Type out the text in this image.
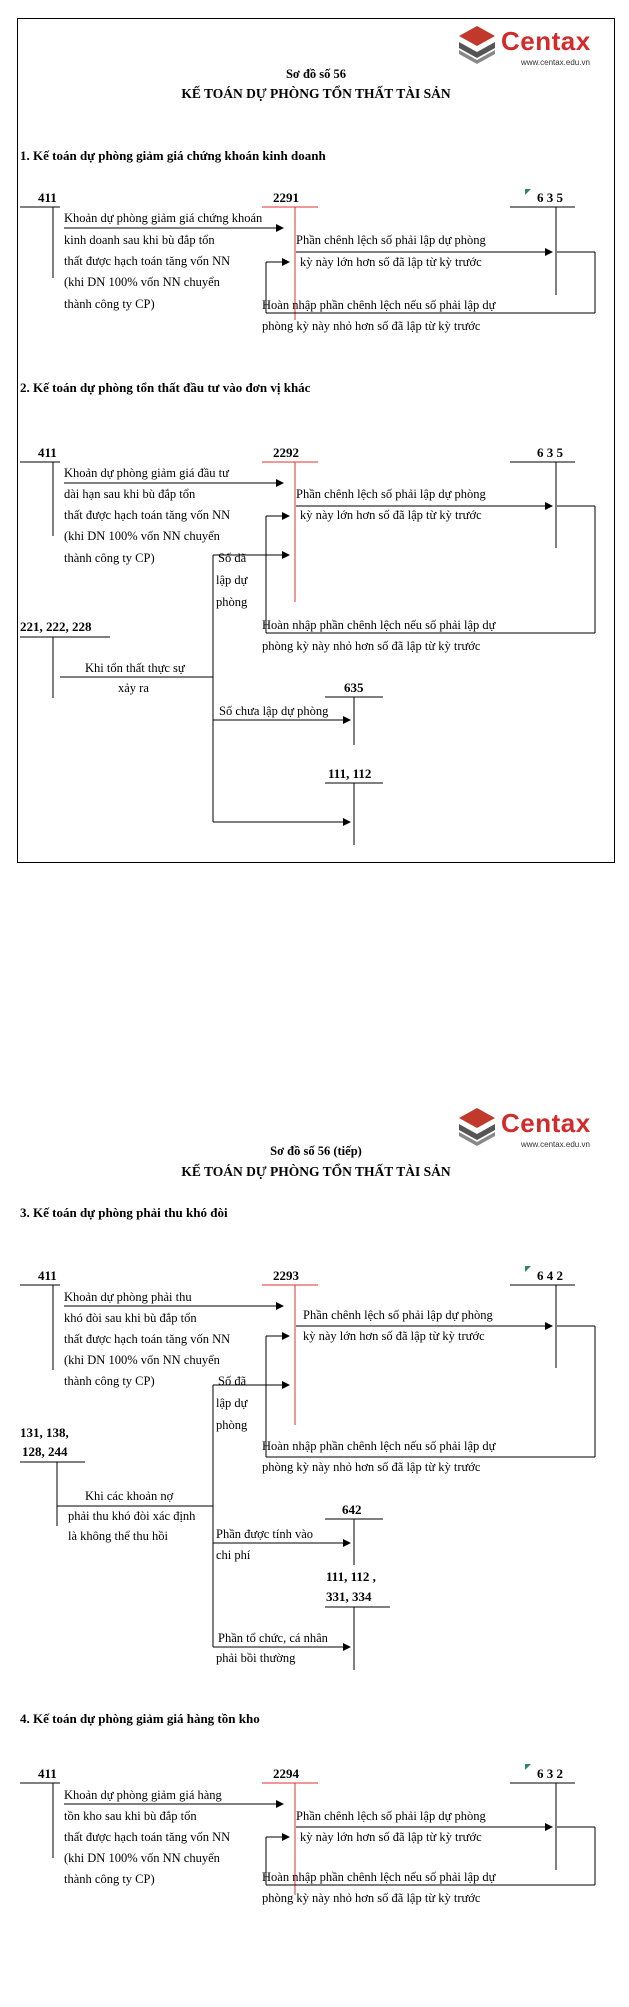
Centax
www.centax.edu.vn
Sơ đồ số 56
KẾ TOÁN DỰ PHÒNG TỔN THẤT TÀI SẢN
1. Kế toán dự phòng giảm giá chứng khoán kinh doanh
411	2291	6 3 5
Khoản dự phòng giảm giá chứng khoán
kinh doanh sau khi bù đắp tổn
thất được hạch toán tăng vốn NN
(khi DN 100% vốn NN chuyển
thành công ty CP)
Phần chênh lệch số phải lập dự phòng
kỳ này lớn hơn số đã lập từ kỳ trước
Hoàn nhập phần chênh lệch nếu số phải lập dự
phòng kỳ này nhỏ hơn số đã lập từ kỳ trước
2. Kế toán dự phòng tổn thất đầu tư vào đơn vị khác
411	2292	6 3 5
Khoản dự phòng giảm giá đầu tư
dài hạn sau khi bù đắp tổn
thất được hạch toán tăng vốn NN
(khi DN 100% vốn NN chuyển
thành công ty CP)
Phần chênh lệch số phải lập dự phòng
kỳ này lớn hơn số đã lập từ kỳ trước
Số đã
lập dự
phòng
Hoàn nhập phần chênh lệch nếu số phải lập dự
phòng kỳ này nhỏ hơn số đã lập từ kỳ trước
221, 222, 228
Khi tổn thất thực sự
xảy ra	635
Số chưa lập dự phòng
111, 112
Centax
www.centax.edu.vn
Sơ đồ số 56 (tiếp)
KẾ TOÁN DỰ PHÒNG TỔN THẤT TÀI SẢN
3. Kế toán dự phòng phải thu khó đòi
411	2293	6 4 2
Khoản dự phòng phải thu
khó đòi sau khi bù đắp tổn
thất được hạch toán tăng vốn NN
(khi DN 100% vốn NN chuyển
thành công ty CP)
Phần chênh lệch số phải lập dự phòng
kỳ này lớn hơn số đã lập từ kỳ trước
Số đã
lập dự
phòng
Hoàn nhập phần chênh lệch nếu số phải lập dự
phòng kỳ này nhỏ hơn số đã lập từ kỳ trước
131, 138,
128, 244
Khi các khoản nợ
phải thu khó đòi xác định
là không thể thu hồi
642
Phần được tính vào
chi phí
111, 112 ,
331, 334
Phần tổ chức, cá nhân
phải bồi thường
4. Kế toán dự phòng giảm giá hàng tồn kho
411	2294	6 3 2
Khoản dự phòng giảm giá hàng
tồn kho sau khi bù đắp tổn
thất được hạch toán tăng vốn NN
(khi DN 100% vốn NN chuyển
thành công ty CP)
Phần chênh lệch số phải lập dự phòng
kỳ này lớn hơn số đã lập từ kỳ trước
Hoàn nhập phần chênh lệch nếu số phải lập dự
phòng kỳ này nhỏ hơn số đã lập từ kỳ trước
